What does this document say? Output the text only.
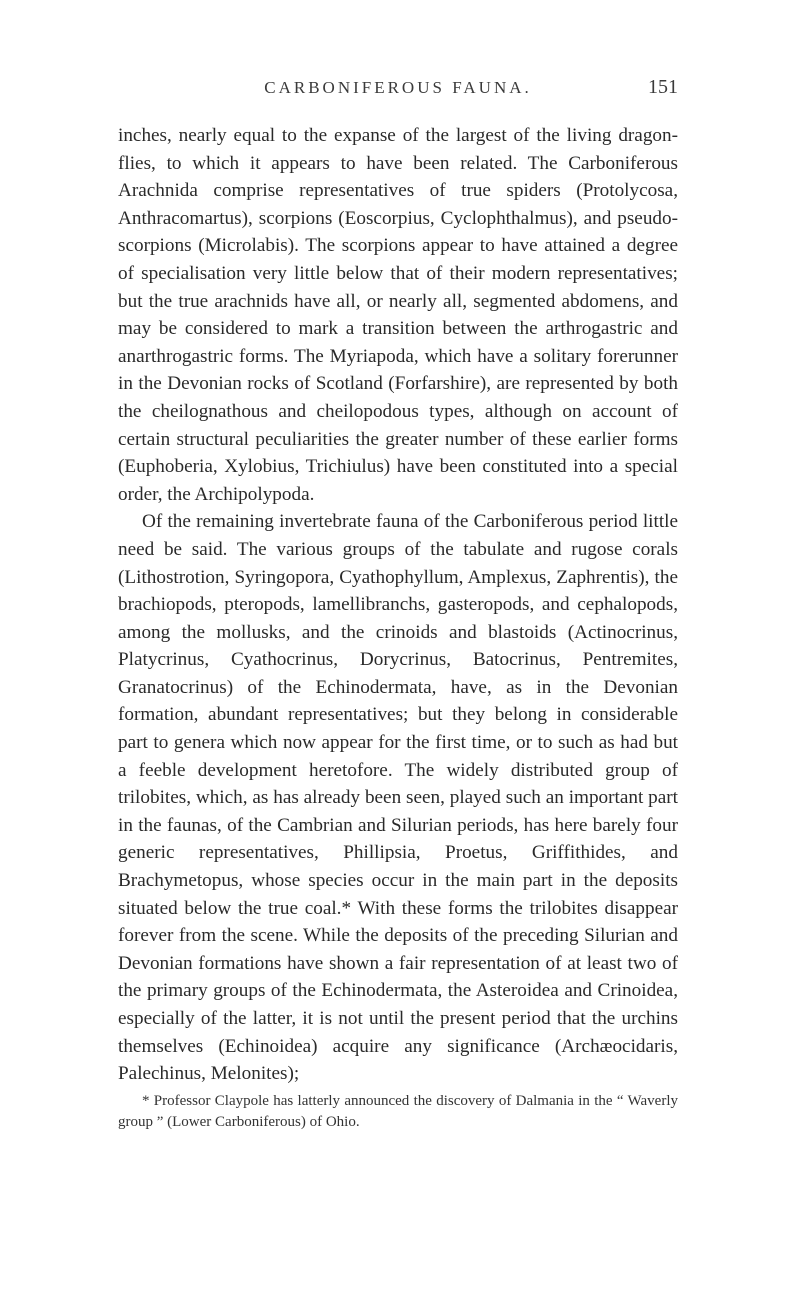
CARBONIFEROUS FAUNA.	151

inches, nearly equal to the expanse of the largest of the living dragon-flies, to which it appears to have been related. The Carboniferous Arachnida comprise representatives of true spiders (Protolycosa, Anthracomartus), scorpions (Eoscorpius, Cyclophthalmus), and pseudo-scorpions (Microlabis). The scorpions appear to have attained a degree of specialisation very little below that of their modern representatives; but the true arachnids have all, or nearly all, segmented abdomens, and may be considered to mark a transition between the arthrogastric and anarthrogastric forms. The Myriapoda, which have a solitary forerunner in the Devonian rocks of Scotland (Forfarshire), are represented by both the cheilognathous and cheilopodous types, although on account of certain structural peculiarities the greater number of these earlier forms (Euphoberia, Xylobius, Trichiulus) have been constituted into a special order, the Archipolypoda.

Of the remaining invertebrate fauna of the Carboniferous period little need be said. The various groups of the tabulate and rugose corals (Lithostrotion, Syringopora, Cyathophyllum, Amplexus, Zaphrentis), the brachiopods, pteropods, lamellibranchs, gasteropods, and cephalopods, among the mollusks, and the crinoids and blastoids (Actinocrinus, Platycrinus, Cyathocrinus, Dorycrinus, Batocrinus, Pentremites, Granatocrinus) of the Echinodermata, have, as in the Devonian formation, abundant representatives; but they belong in considerable part to genera which now appear for the first time, or to such as had but a feeble development heretofore. The widely distributed group of trilobites, which, as has already been seen, played such an important part in the faunas, of the Cambrian and Silurian periods, has here barely four generic representatives, Phillipsia, Proetus, Griffithides, and Brachymetopus, whose species occur in the main part in the deposits situated below the true coal.* With these forms the trilobites disappear forever from the scene. While the deposits of the preceding Silurian and Devonian formations have shown a fair representation of at least two of the primary groups of the Echinodermata, the Asteroidea and Crinoidea, especially of the latter, it is not until the present period that the urchins themselves (Echinoidea) acquire any significance (Archæocidaris, Palechinus, Melonites);

* Professor Claypole has latterly announced the discovery of Dalmania in the “ Waverly group ” (Lower Carboniferous) of Ohio.
